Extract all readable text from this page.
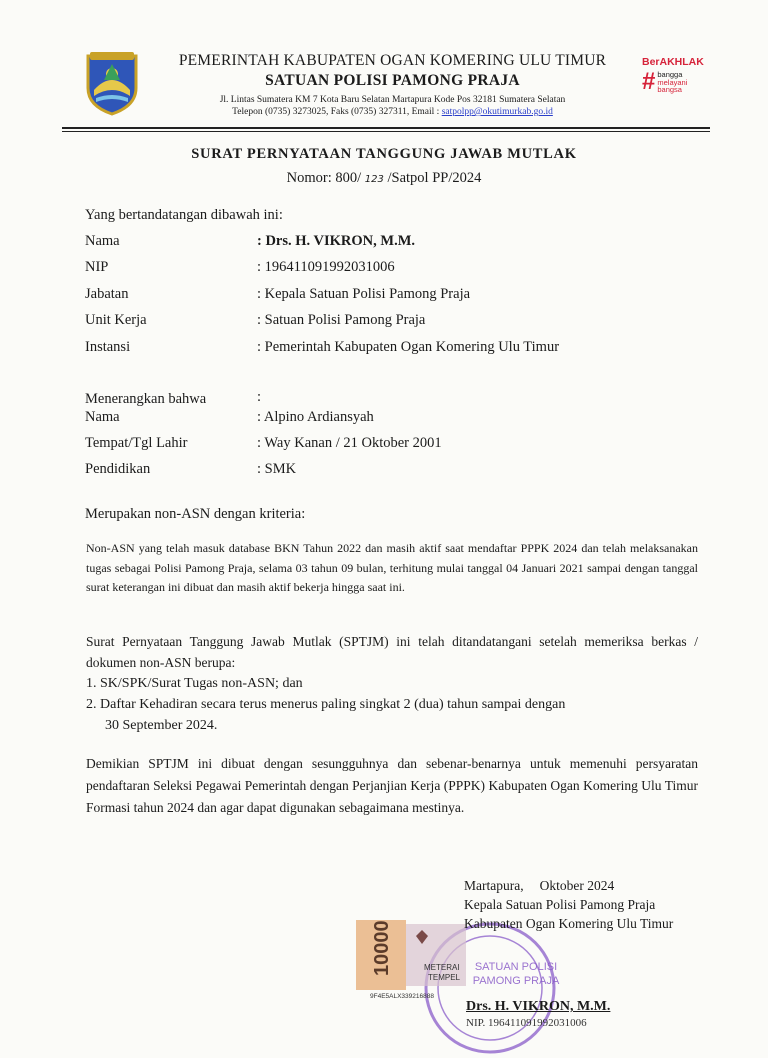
PEMERINTAH KABUPATEN OGAN KOMERING ULU TIMUR
SATUAN POLISI PAMONG PRAJA
Jl. Lintas Sumatera KM 7 Kota Baru Selatan Martapura Kode Pos 32181 Sumatera Selatan
Telepon (0735) 3273025, Faks (0735) 327311, Email : satpolpp@okutimurkab.go.id
BerAKHLAK
# bangga
melayani
bangsa
SURAT PERNYATAAN TANGGUNG JAWAB MUTLAK
Nomor: 800/ 123 /Satpol PP/2024
Yang bertandatangan dibawah ini:
Nama	: Drs. H. VIKRON, M.M.
NIP	: 196411091992031006
Jabatan	: Kepala Satuan Polisi Pamong Praja
Unit Kerja	: Satuan Polisi Pamong Praja
Instansi	: Pemerintah Kabupaten Ogan Komering Ulu Timur
Menerangkan bahwa	:
Nama	: Alpino Ardiansyah
Tempat/Tgl Lahir	: Way Kanan / 21 Oktober 2001
Pendidikan	: SMK
Merupakan non-ASN dengan kriteria:
Non-ASN yang telah masuk database BKN Tahun 2022 dan masih aktif saat mendaftar PPPK 2024 dan telah melaksanakan tugas sebagai Polisi Pamong Praja, selama 03 tahun 09 bulan, terhitung mulai tanggal 04 Januari 2021 sampai dengan tanggal surat keterangan ini dibuat dan masih aktif bekerja hingga saat ini.
Surat Pernyataan Tanggung Jawab Mutlak (SPTJM) ini telah ditandatangani setelah memeriksa berkas / dokumen non-ASN berupa:
1. SK/SPK/Surat Tugas non-ASN; dan
2. Daftar Kehadiran secara terus menerus paling singkat 2 (dua) tahun sampai dengan
30 September 2024.
Demikian SPTJM ini dibuat dengan sesungguhnya dan sebenar-benarnya untuk memenuhi persyaratan pendaftaran Seleksi Pegawai Pemerintah dengan Perjanjian Kerja (PPPK) Kabupaten Ogan Komering Ulu Timur Formasi tahun 2024 dan agar dapat digunakan sebagaimana mestinya.
SATUAN POLISI
PAMONG PRAJA
10000	METERAI
TEMPEL
9F4E5ALX339216888
Martapura, Oktober 2024
Kepala Satuan Polisi Pamong Praja
Kabupaten Ogan Komering Ulu Timur
Drs. H. VIKRON, M.M.
NIP. 196411091992031006
